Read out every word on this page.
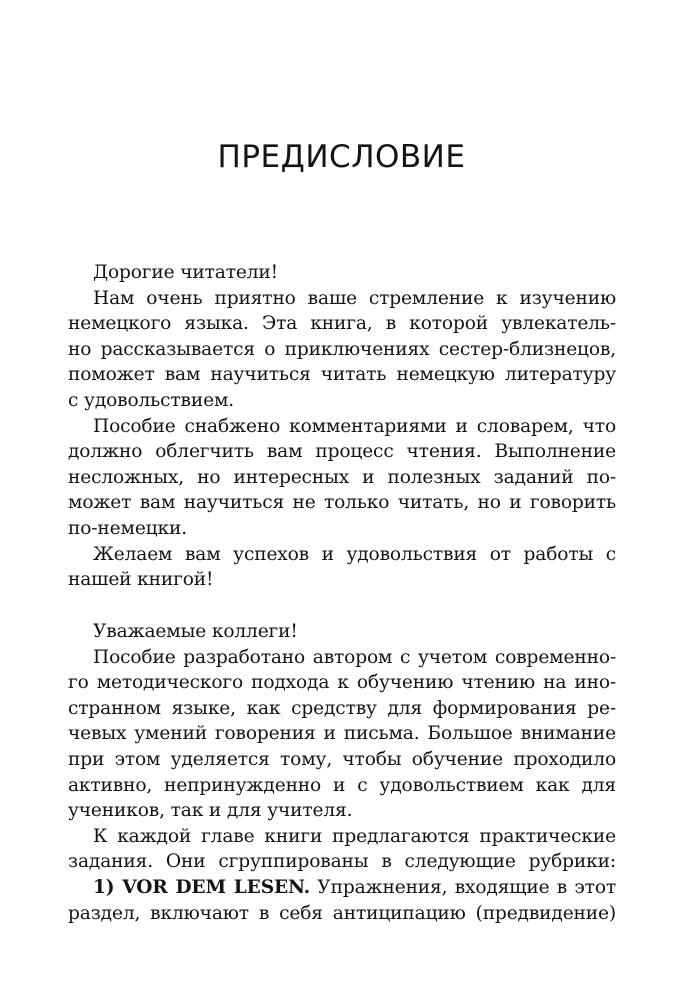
ПРЕДИСЛОВИЕ
Дорогие читатели!
Нам очень приятно ваше стремление к изучению
немецкого языка. Эта книга, в которой увлекатель-
но рассказывается о приключениях сестер-близнецов,
поможет вам научиться читать немецкую литературу
с удовольствием.
Пособие снабжено комментариями и словарем, что
должно облегчить вам процесс чтения. Выполнение
несложных, но интересных и полезных заданий по-
может вам научиться не только читать, но и говорить
по-немецки.
Желаем вам успехов и удовольствия от работы с
нашей книгой!
Уважаемые коллеги!
Пособие разработано автором с учетом современно-
го методического подхода к обучению чтению на ино-
странном языке, как средству для формирования ре-
чевых умений говорения и письма. Большое внимание
при этом уделяется тому, чтобы обучение проходило
активно, непринужденно и с удовольствием как для
учеников, так и для учителя.
К каждой главе книги предлагаются практические
задания. Они сгруппированы в следующие рубрики:
1) VOR DEM LESEN. Упражнения, входящие в этот
раздел, включают в себя антиципацию (предвидение)
